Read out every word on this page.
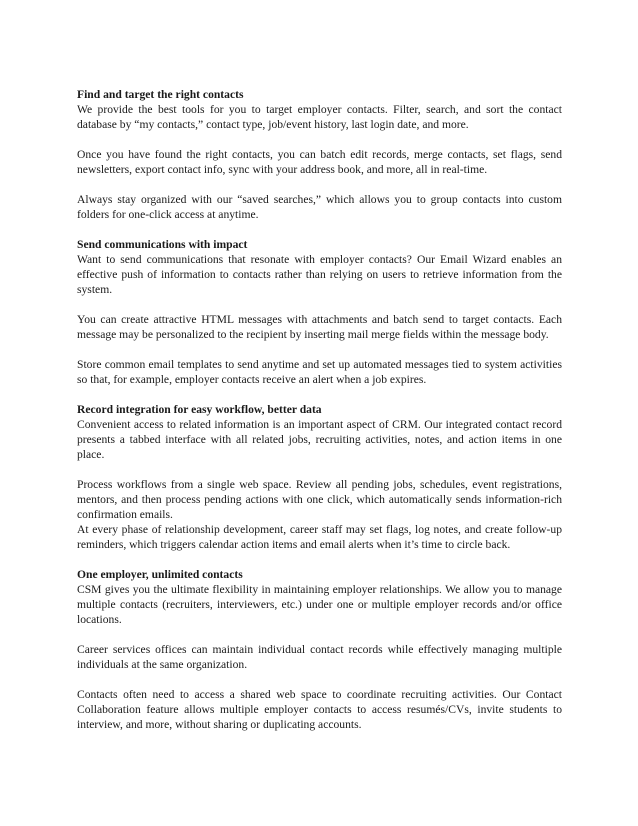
Find and target the right contacts

We provide the best tools for you to target employer contacts. Filter, search, and sort the contact database by “my contacts,” contact type, job/event history, last login date, and more.

Once you have found the right contacts, you can batch edit records, merge contacts, set flags, send newsletters, export contact info, sync with your address book, and more, all in real-time.

Always stay organized with our “saved searches,” which allows you to group contacts into custom folders for one-click access at anytime.

Send communications with impact

Want to send communications that resonate with employer contacts? Our Email Wizard enables an effective push of information to contacts rather than relying on users to retrieve information from the system.

You can create attractive HTML messages with attachments and batch send to target contacts. Each message may be personalized to the recipient by inserting mail merge fields within the message body.

Store common email templates to send anytime and set up automated messages tied to system activities so that, for example, employer contacts receive an alert when a job expires.

Record integration for easy workflow, better data

Convenient access to related information is an important aspect of CRM. Our integrated contact record presents a tabbed interface with all related jobs, recruiting activities, notes, and action items in one place.

Process workflows from a single web space. Review all pending jobs, schedules, event registrations, mentors, and then process pending actions with one click, which automatically sends information-rich confirmation emails.

At every phase of relationship development, career staff may set flags, log notes, and create follow-up reminders, which triggers calendar action items and email alerts when it’s time to circle back.

One employer, unlimited contacts

CSM gives you the ultimate flexibility in maintaining employer relationships. We allow you to manage multiple contacts (recruiters, interviewers, etc.) under one or multiple employer records and/or office locations.

Career services offices can maintain individual contact records while effectively managing multiple individuals at the same organization.

Contacts often need to access a shared web space to coordinate recruiting activities. Our Contact Collaboration feature allows multiple employer contacts to access resumés/CVs, invite students to interview, and more, without sharing or duplicating accounts.
